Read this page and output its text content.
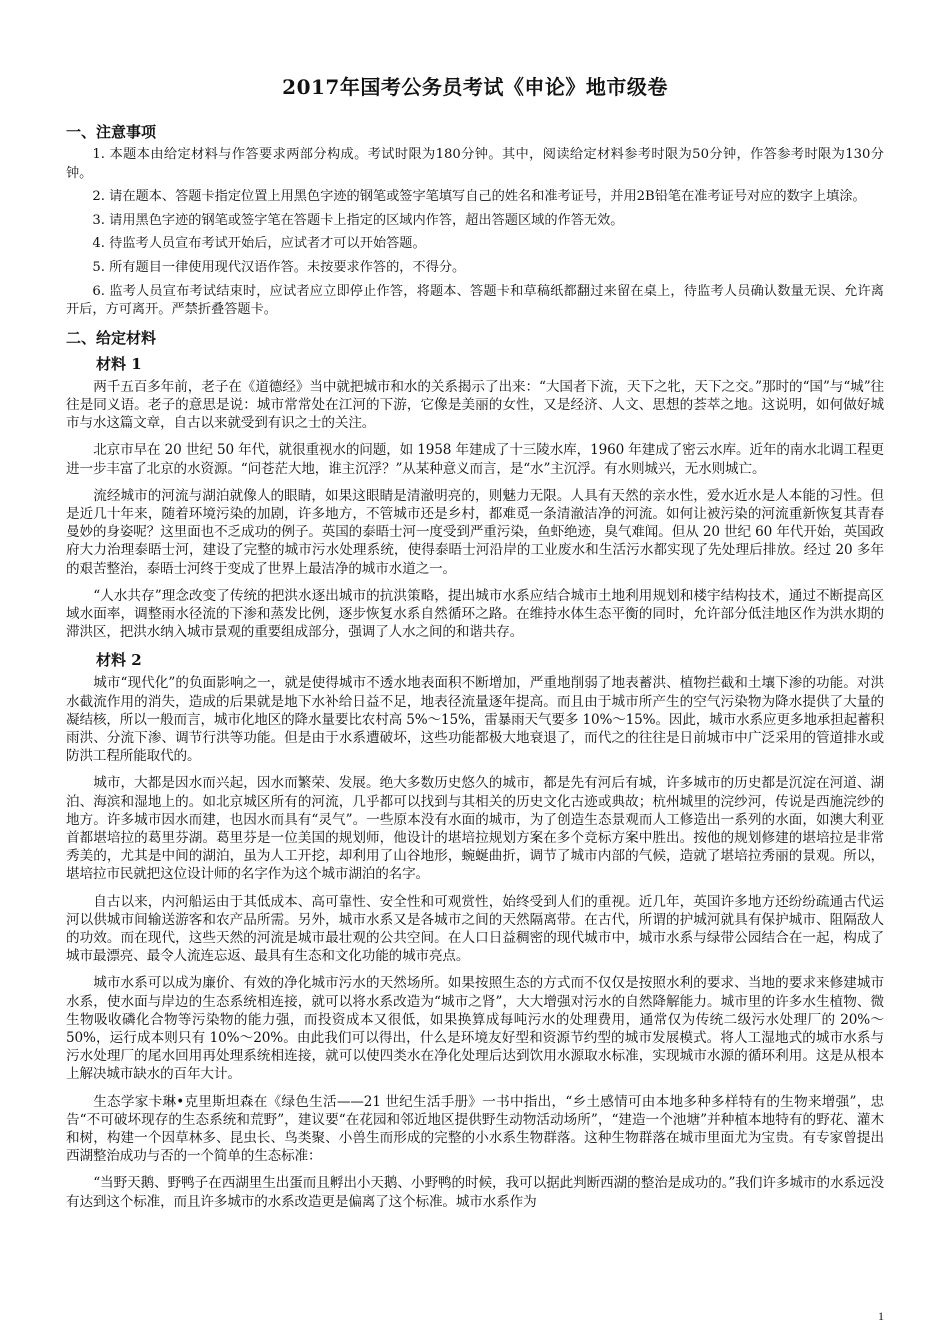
2017年国考公务员考试《申论》地市级卷
一、注意事项

1. 本题本由给定材料与作答要求两部分构成。考试时限为180分钟。其中，阅读给定材料参考时限为50分钟，作答参考时限为130分钟。

2. 请在题本、答题卡指定位置上用黑色字迹的钢笔或签字笔填写自己的姓名和准考证号，并用2B铅笔在准考证号对应的数字上填涂。

3. 请用黑色字迹的钢笔或签字笔在答题卡上指定的区域内作答，超出答题区域的作答无效。

4. 待监考人员宣布考试开始后，应试者才可以开始答题。

5. 所有题目一律使用现代汉语作答。未按要求作答的，不得分。

6. 监考人员宣布考试结束时，应试者应立即停止作答，将题本、答题卡和草稿纸都翻过来留在桌上，待监考人员确认数量无误、允许离开后，方可离开。严禁折叠答题卡。

二、给定材料
材料 1

两千五百多年前，老子在《道德经》当中就把城市和水的关系揭示了出来：“大国者下流，天下之牝，天下之交。”那时的“国”与“城”往往是同义语。老子的意思是说：城市常常处在江河的下游，它像是美丽的女性，又是经济、人文、思想的荟萃之地。这说明，如何做好城市与水这篇文章，自古以来就受到有识之士的关注。

北京市早在 20 世纪 50 年代，就很重视水的问题，如 1958 年建成了十三陵水库，1960 年建成了密云水库。近年的南水北调工程更进一步丰富了北京的水资源。“问苍茫大地，谁主沉浮？”从某种意义而言，是“水”主沉浮。有水则城兴，无水则城亡。

流经城市的河流与湖泊就像人的眼睛，如果这眼睛是清澈明亮的，则魅力无限。人具有天然的亲水性，爱水近水是人本能的习性。但是近几十年来，随着环境污染的加剧，许多地方，不管城市还是乡村，都难觅一条清澈洁净的河流。如何让被污染的河流重新恢复其青春曼妙的身姿呢？这里面也不乏成功的例子。英国的泰晤士河一度受到严重污染，鱼虾绝迹，臭气难闻。但从 20 世纪 60 年代开始，英国政府大力治理泰晤士河，建设了完整的城市污水处理系统，使得泰晤士河沿岸的工业废水和生活污水都实现了先处理后排放。经过 20 多年的艰苦整治，泰晤士河终于变成了世界上最洁净的城市水道之一。

“人水共存”理念改变了传统的把洪水逐出城市的抗洪策略，提出城市水系应结合城市土地利用规划和楼宇结构技术，通过不断提高区域水面率，调整雨水径流的下渗和蒸发比例，逐步恢复水系自然循环之路。在维持水体生态平衡的同时，允许部分低洼地区作为洪水期的滞洪区，把洪水纳入城市景观的重要组成部分，强调了人水之间的和谐共存。

材料 2

城市“现代化”的负面影响之一，就是使得城市不透水地表面积不断增加，严重地削弱了地表蓄洪、植物拦截和土壤下渗的功能。对洪水截流作用的消失，造成的后果就是地下水补给日益不足，地表径流量逐年提高。而且由于城市所产生的空气污染物为降水提供了大量的凝结核，所以一般而言，城市化地区的降水量要比农村高 5%～15%，雷暴雨天气要多 10%～15%。因此，城市水系应更多地承担起蓄积雨洪、分流下渗、调节行洪等功能。但是由于水系遭破坏，这些功能都极大地衰退了，而代之的往往是日前城市中广泛采用的管道排水或防洪工程所能取代的。

城市，大都是因水而兴起，因水而繁荣、发展。绝大多数历史悠久的城市，都是先有河后有城，许多城市的历史都是沉淀在河道、湖泊、海滨和湿地上的。如北京城区所有的河流，几乎都可以找到与其相关的历史文化古迹或典故；杭州城里的浣纱河，传说是西施浣纱的地方。许多城市因水而建，也因水而具有“灵气”。一些原本没有水面的城市，为了创造生态景观而人工修造出一系列的水面，如澳大利亚首都堪培拉的葛里芬湖。葛里芬是一位美国的规划师，他设计的堪培拉规划方案在多个竞标方案中胜出。按他的规划修建的堪培拉是非常秀美的，尤其是中间的湖泊，虽为人工开挖，却利用了山谷地形，蜿蜒曲折，调节了城市内部的气候，造就了堪培拉秀丽的景观。所以，堪培拉市民就把这位设计师的名字作为这个城市湖泊的名字。

自古以来，内河船运由于其低成本、高可靠性、安全性和可观赏性，始终受到人们的重视。近几年，英国许多地方还纷纷疏通古代运河以供城市间输送游客和农产品所需。另外，城市水系又是各城市之间的天然隔离带。在古代，所谓的护城河就具有保护城市、阻隔敌人的功效。而在现代，这些天然的河流是城市最壮观的公共空间。在人口日益稠密的现代城市中，城市水系与绿带公园结合在一起，构成了城市最漂亮、最令人流连忘返、最具有生态和文化功能的城市亮点。

城市水系可以成为廉价、有效的净化城市污水的天然场所。如果按照生态的方式而不仅仅是按照水利的要求、当地的要求来修建城市水系，使水面与岸边的生态系统相连接，就可以将水系改造为“城市之肾”，大大增强对污水的自然降解能力。城市里的许多水生植物、微生物吸收磷化合物等污染物的能力强，而投资成本又很低，如果换算成每吨污水的处理费用，通常仅为传统二级污水处理厂的 20%～50%，运行成本则只有 10%～20%。由此我们可以得出，什么是环境友好型和资源节约型的城市发展模式。将人工湿地式的城市水系与污水处理厂的尾水回用再处理系统相连接，就可以使四类水在净化处理后达到饮用水源取水标准，实现城市水源的循环利用。这是从根本上解决城市缺水的百年大计。

生态学家卡琳•克里斯坦森在《绿色生活——21 世纪生活手册》一书中指出，“乡土感情可由本地多种多样特有的生物来增强”，忠告“不可破坏现存的生态系统和荒野”，建议要“在花园和邻近地区提供野生动物活动场所”，“建造一个池塘”并种植本地特有的野花、灌木和树，构建一个因草林多、昆虫长、鸟类聚、小兽生而形成的完整的小水系生物群落。这种生物群落在城市里面尤为宝贵。有专家曾提出西湖整治成功与否的一个简单的生态标准：

“当野天鹅、野鸭子在西湖里生出蛋而且孵出小天鹅、小野鸭的时候，我可以据此判断西湖的整治是成功的。”我们许多城市的水系远没有达到这个标准，而且许多城市的水系改造更是偏离了这个标准。城市水系作为

1
